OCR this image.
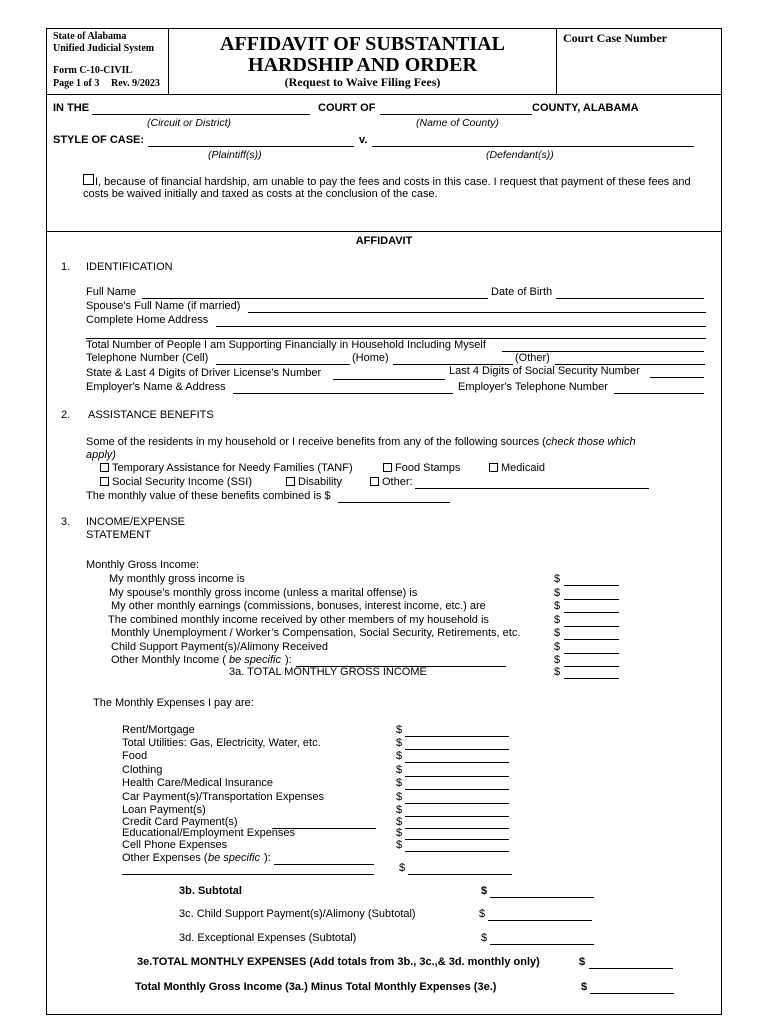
State of Alabama
Unified Judicial System
Form C-10-CIVIL
Page 1 of 3 Rev. 9/2023
AFFIDAVIT OF SUBSTANTIAL
HARDSHIP AND ORDER
(Request to Waive Filing Fees)
Court Case Number
IN THE	COURT OF	COUNTY, ALABAMA
(Circuit or District)	(Name of County)
STYLE OF CASE:	v.
(Plaintiff(s))	(Defendant(s))
I, because of financial hardship, am unable to pay the fees and costs in this case. I request that payment of these fees and
costs be waived initially and taxed as costs at the conclusion of the case.
AFFIDAVIT
1. IDENTIFICATION
Full Name	Date of Birth
Spouse’s Full Name (if married)
Complete Home Address
Total Number of People I am Supporting Financially in Household Including Myself
Telephone Number (Cell)	(Home)	(Other)
State & Last 4 Digits of Driver License’s Number	Last 4 Digits of Social Security Number
Employer's Name & Address	Employer's Telephone Number
2. ASSISTANCE BENEFITS
Some of the residents in my household or I receive benefits from any of the following sources (check those which
apply)
Temporary Assistance for Needy Families (TANF)	Food Stamps	Medicaid
Social Security Income (SSI)	Disability	Other:
The monthly value of these benefits combined is $
3. INCOME/EXPENSE
STATEMENT
Monthly Gross Income:
My monthly gross income is	$
My spouse’s monthly gross income (unless a marital offense) is	$
My other monthly earnings (commissions, bonuses, interest income, etc.) are	$
The combined monthly income received by other members of my household is	$
Monthly Unemployment / Worker’s Compensation, Social Security, Retirements, etc.	$
Child Support Payment(s)/Alimony Received	$
Other Monthly Income ( be specific ):	$
3a. TOTAL MONTHLY GROSS INCOME	$
The Monthly Expenses I pay are:
Rent/Mortgage	$
Total Utilities: Gas, Electricity, Water, etc.	$
Food	$
Clothing	$
Health Care/Medical Insurance	$
Car Payment(s)/Transportation Expenses	$
Loan Payment(s)	$
Credit Card Payment(s)	$
Educational/Employment Expenses	$
Cell Phone Expenses	$
Other Expenses ( be specific ):
$
3b. Subtotal	$
3c. Child Support Payment(s)/Alimony (Subtotal)	$
3d. Exceptional Expenses (Subtotal)	$
3e.TOTAL MONTHLY EXPENSES (Add totals from 3b., 3c.,& 3d. monthly only)	$
Total Monthly Gross Income (3a.) Minus Total Monthly Expenses (3e.)	$
